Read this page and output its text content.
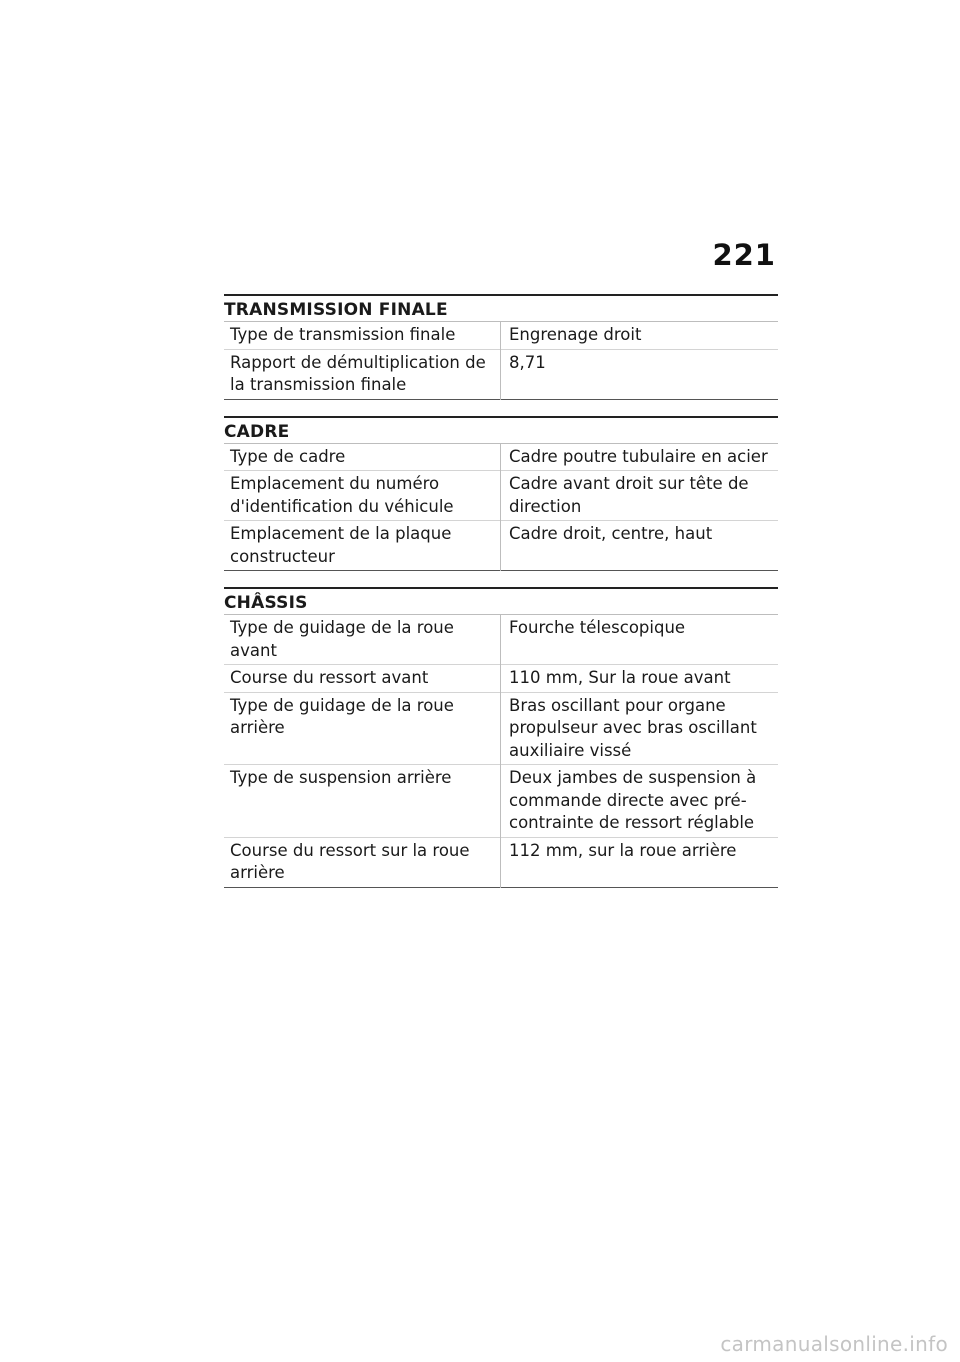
221
TRANSMISSION FINALE
Type de transmission finale	Engrenage droit
Rapport de démultiplication de la transmission finale	8,71
CADRE
Type de cadre	Cadre poutre tubulaire en acier
Emplacement du numéro d'identification du véhicule	Cadre avant droit sur tête de direction
Emplacement de la plaque constructeur	Cadre droit, centre, haut
CHÂSSIS
Type de guidage de la roue avant	Fourche télescopique
Course du ressort avant	110 mm, Sur la roue avant
Type de guidage de la roue arrière	Bras oscillant pour organe propulseur avec bras oscillant auxiliaire vissé
Type de suspension arrière	Deux jambes de suspension à commande directe avec pré-contrainte de ressort réglable
Course du ressort sur la roue arrière	112 mm, sur la roue arrière
carmanualsonline.info
